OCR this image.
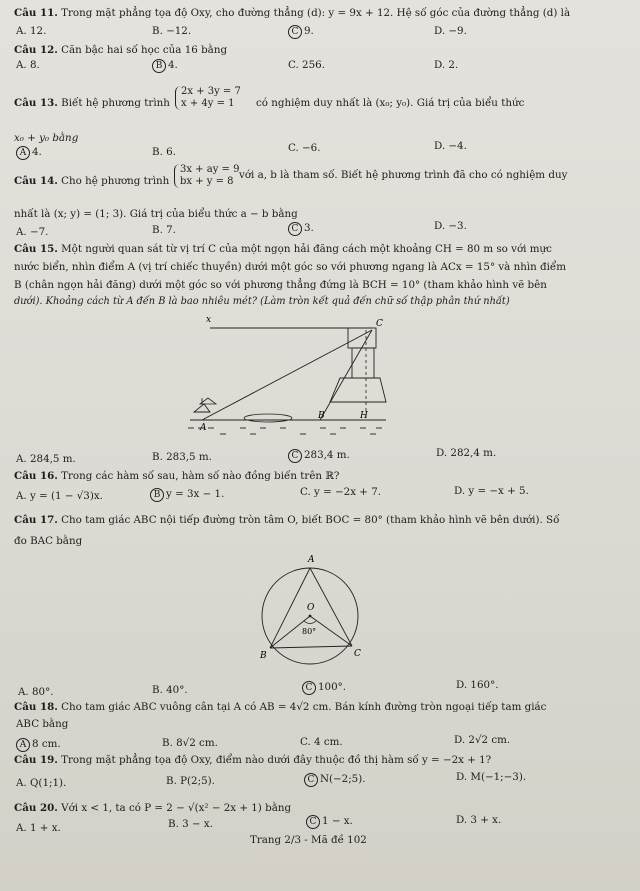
Câu 11. Trong mặt phẳng tọa độ Oxy, cho đường thẳng (d): y = 9x + 12. Hệ số góc của đường thẳng (d) là
A. 12.	B. −12.	C 9.	D. −9.
Câu 12. Căn bậc hai số học của 16 bằng
A. 8.	B 4.	C. 256.	D. 2.
Câu 13. Biết hệ phương trình
2x + 3y = 7
x + 4y = 1	có nghiệm duy nhất là (x₀; y₀). Giá trị của biểu thức
x₀ + y₀ bằng
A 4.	B. 6.	C. −6.	D. −4.
Câu 14. Cho hệ phương trình
3x + ay = 9
bx + y = 8
với a, b là tham số. Biết hệ phương trình đã cho có nghiệm duy
nhất là (x; y) = (1; 3). Giá trị của biểu thức a − b bằng
A. −7.	B. 7.	C 3.	D. −3.
Câu 15. Một người quan sát từ vị trí C của một ngọn hải đăng cách một khoảng CH = 80 m so với mực
nước biển, nhìn điểm A (vị trí chiếc thuyền) dưới một góc so với phương ngang là ACx = 15° và nhìn điểm
B (chân ngọn hải đăng) dưới một góc so với phương thẳng đứng là BCH = 10° (tham khảo hình vẽ bên
dưới). Khoảng cách từ A đến B là bao nhiêu mét? (Làm tròn kết quả đến chữ số thập phân thứ nhất)
x	C
A
B	H
A. 284,5 m.	B. 283,5 m.	C 283,4 m.	D. 282,4 m.
Câu 16. Trong các hàm số sau, hàm số nào đồng biến trên ℝ?
A. y = (1 − √3)x.	B y = 3x − 1.	C. y = −2x + 7.	D. y = −x + 5.
Câu 17. Cho tam giác ABC nội tiếp đường tròn tâm O, biết BOC = 80° (tham khảo hình vẽ bên dưới). Số
đo BAC bằng
A
O
80°
B	C
A. 80°.	B. 40°.	C 100°.	D. 160°.
Câu 18. Cho tam giác ABC vuông cân tại A có AB = 4√2 cm. Bán kính đường tròn ngoại tiếp tam giác
ABC bằng
A 8 cm.	B. 8√2 cm.	C. 4 cm.	D. 2√2 cm.
Câu 19. Trong mặt phẳng tọa độ Oxy, điểm nào dưới đây thuộc đồ thị hàm số y = −2x + 1?
A. Q(1;1).	B. P(2;5).	C N(−2;5).	D. M(−1;−3).
Câu 20. Với x < 1, ta có P = 2 − √(x² − 2x + 1) bằng
A. 1 + x.	B. 3 − x.	C 1 − x.	D. 3 + x.
Trang 2/3 - Mã đề 102
